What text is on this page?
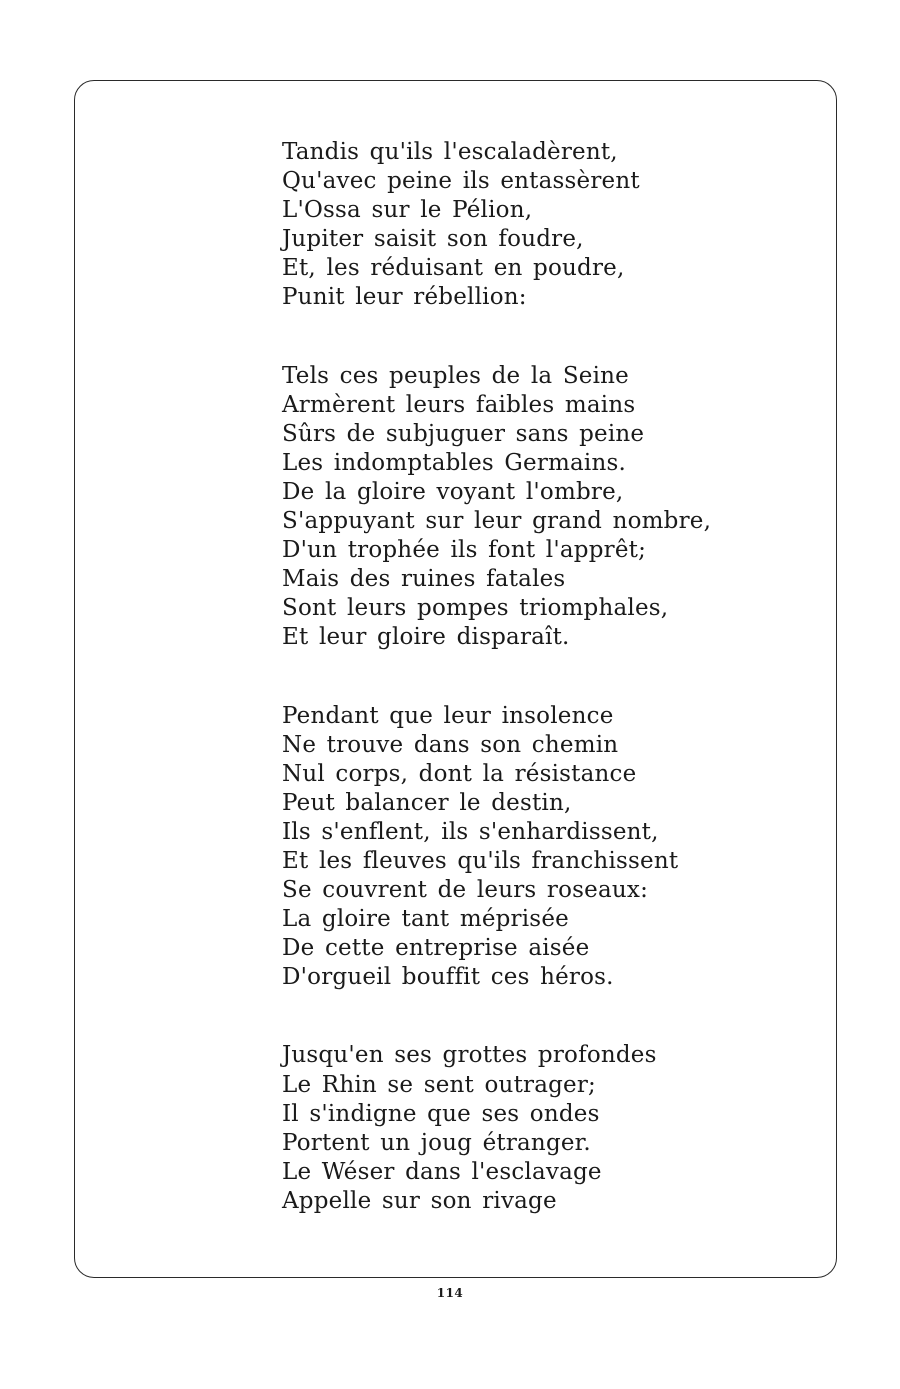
Tandis qu'ils l'escaladèrent,
Qu'avec peine ils entassèrent
L'Ossa sur le Pélion,
Jupiter saisit son foudre,
Et, les réduisant en poudre,
Punit leur rébellion:
Tels ces peuples de la Seine
Armèrent leurs faibles mains
Sûrs de subjuguer sans peine
Les indomptables Germains.
De la gloire voyant l'ombre,
S'appuyant sur leur grand nombre,
D'un trophée ils font l'apprêt;
Mais des ruines fatales
Sont leurs pompes triomphales,
Et leur gloire disparaît.
Pendant que leur insolence
Ne trouve dans son chemin
Nul corps, dont la résistance
Peut balancer le destin,
Ils s'enflent, ils s'enhardissent,
Et les fleuves qu'ils franchissent
Se couvrent de leurs roseaux:
La gloire tant méprisée
De cette entreprise aisée
D'orgueil bouffit ces héros.
Jusqu'en ses grottes profondes
Le Rhin se sent outrager;
Il s'indigne que ses ondes
Portent un joug étranger.
Le Wéser dans l'esclavage
Appelle sur son rivage
114
